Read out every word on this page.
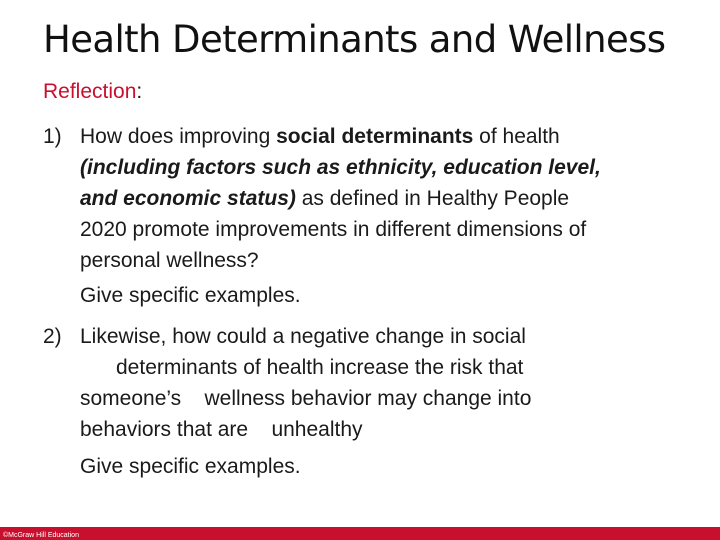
Health Determinants and Wellness
Reflection:
1) How does improving social determinants of health
(including factors such as ethnicity, education level,
and economic status) as defined in Healthy People
2020 promote improvements in different dimensions of
personal wellness?
Give specific examples.
2) Likewise, how could a negative change in social
determinants of health increase the risk that
someone’s    wellness behavior may change into
behaviors that are    unhealthy
Give specific examples.
©McGraw Hill Education
